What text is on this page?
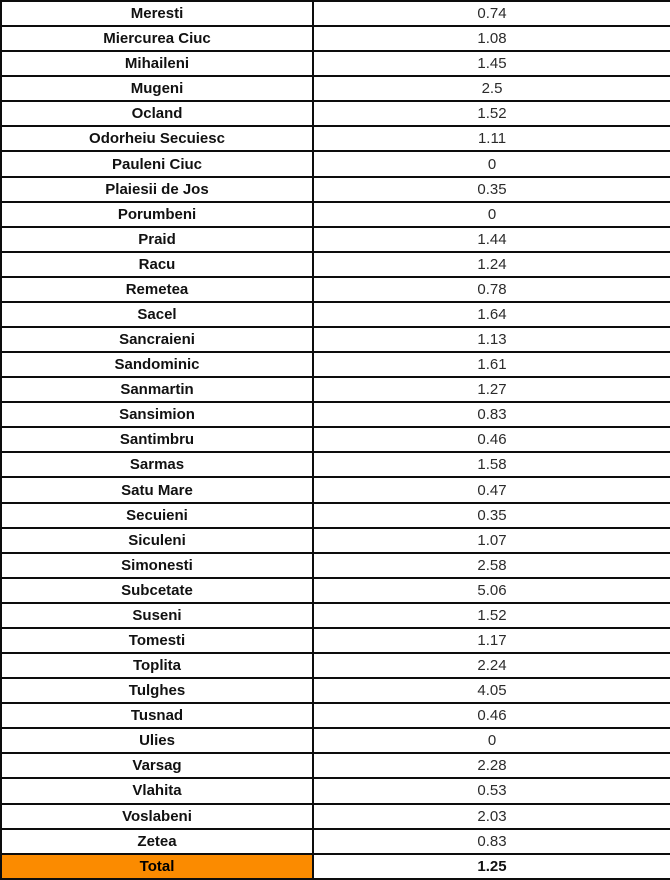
Meresti	0.74
Miercurea Ciuc	1.08
Mihaileni	1.45
Mugeni	2.5
Ocland	1.52
Odorheiu Secuiesc	1.11
Pauleni Ciuc	0
Plaiesii de Jos	0.35
Porumbeni	0
Praid	1.44
Racu	1.24
Remetea	0.78
Sacel	1.64
Sancraieni	1.13
Sandominic	1.61
Sanmartin	1.27
Sansimion	0.83
Santimbru	0.46
Sarmas	1.58
Satu Mare	0.47
Secuieni	0.35
Siculeni	1.07
Simonesti	2.58
Subcetate	5.06
Suseni	1.52
Tomesti	1.17
Toplita	2.24
Tulghes	4.05
Tusnad	0.46
Ulies	0
Varsag	2.28
Vlahita	0.53
Voslabeni	2.03
Zetea	0.83
Total	1.25
